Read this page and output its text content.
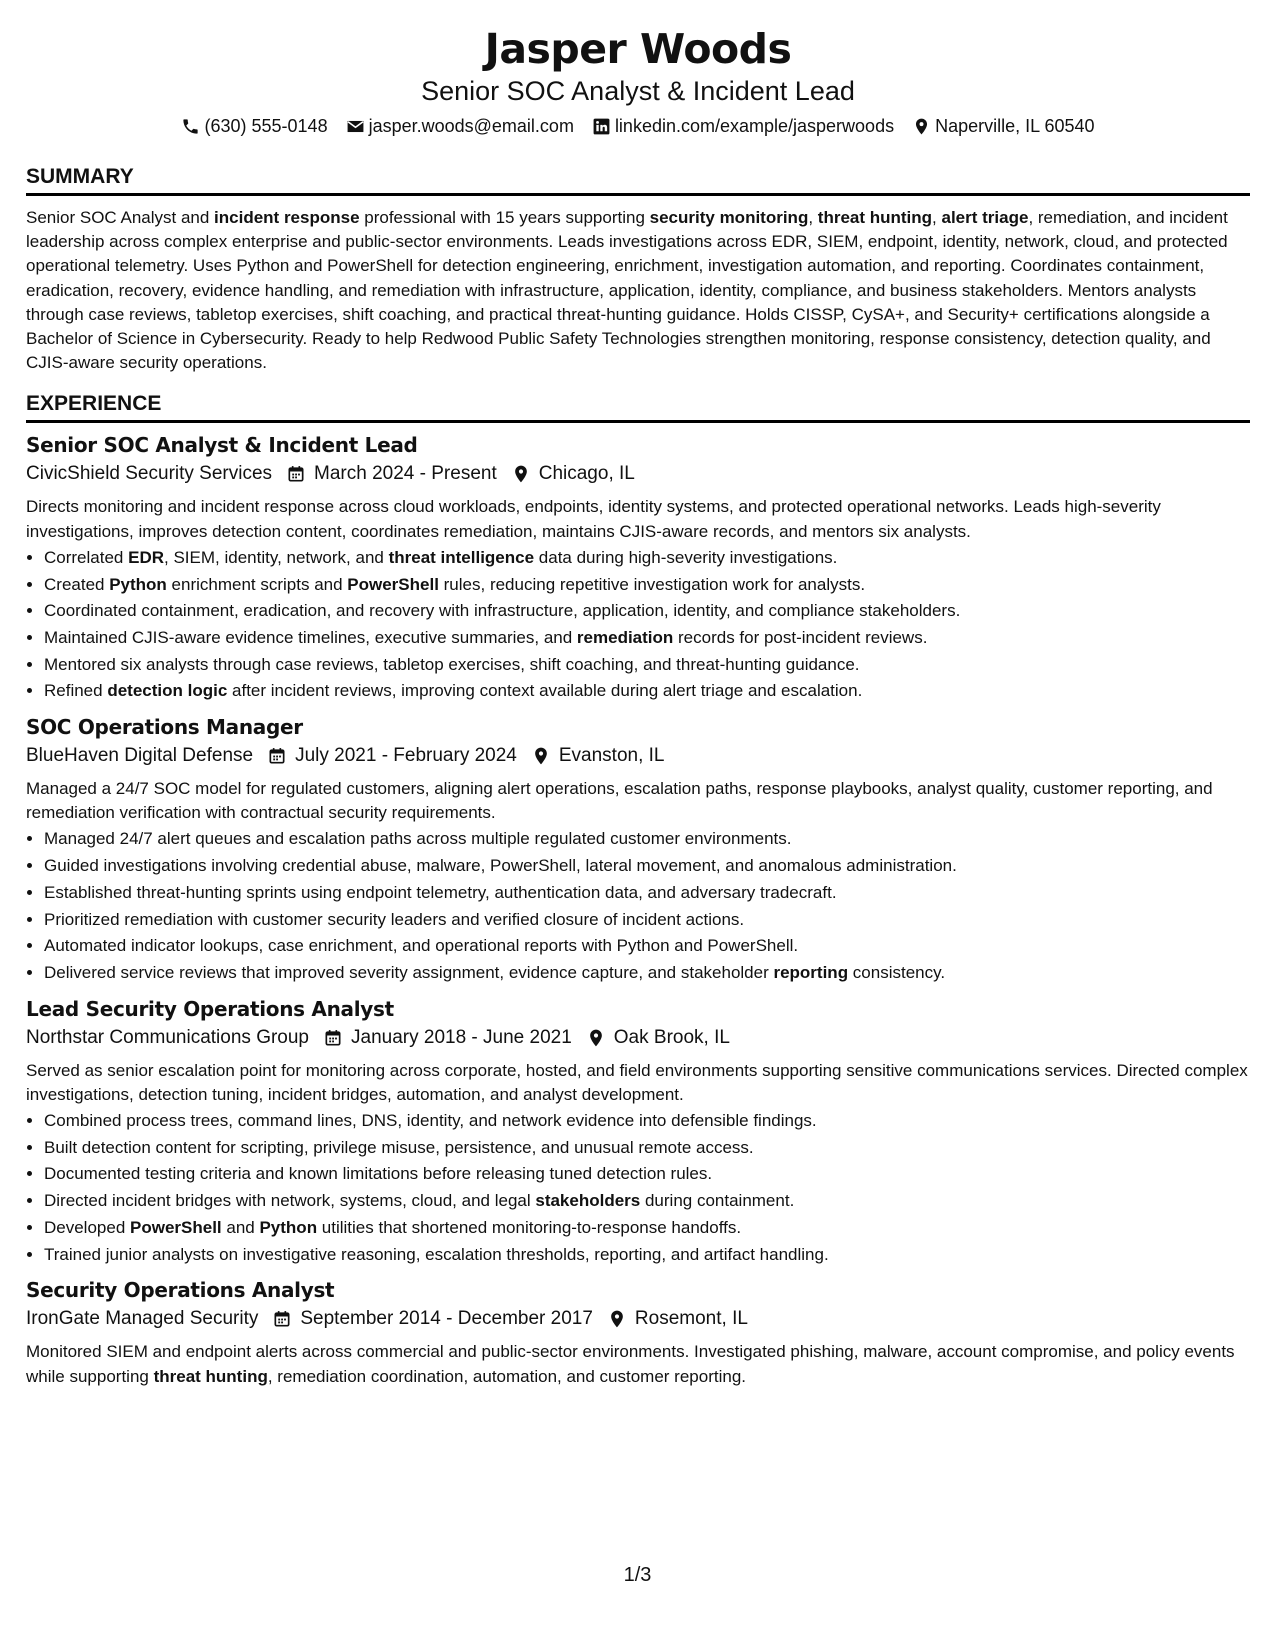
Jasper Woods
Senior SOC Analyst & Incident Lead
(630) 555-0148 jasper.woods@email.com linkedin.com/example/jasperwoods Naperville, IL 60540
SUMMARY
Senior SOC Analyst and incident response professional with 15 years supporting security monitoring, threat hunting, alert triage, remediation, and incident leadership across complex enterprise and public-sector environments. Leads investigations across EDR, SIEM, endpoint, identity, network, cloud, and protected operational telemetry. Uses Python and PowerShell for detection engineering, enrichment, investigation automation, and reporting. Coordinates containment, eradication, recovery, evidence handling, and remediation with infrastructure, application, identity, compliance, and business stakeholders. Mentors analysts through case reviews, tabletop exercises, shift coaching, and practical threat-hunting guidance. Holds CISSP, CySA+, and Security+ certifications alongside a Bachelor of Science in Cybersecurity. Ready to help Redwood Public Safety Technologies strengthen monitoring, response consistency, detection quality, and CJIS-aware security operations.
EXPERIENCE
Senior SOC Analyst & Incident Lead
CivicShield Security Services March 2024 - Present Chicago, IL
Directs monitoring and incident response across cloud workloads, endpoints, identity systems, and protected operational networks. Leads high-severity investigations, improves detection content, coordinates remediation, maintains CJIS-aware records, and mentors six analysts.
• Correlated EDR, SIEM, identity, network, and threat intelligence data during high-severity investigations.
• Created Python enrichment scripts and PowerShell rules, reducing repetitive investigation work for analysts.
• Coordinated containment, eradication, and recovery with infrastructure, application, identity, and compliance stakeholders.
• Maintained CJIS-aware evidence timelines, executive summaries, and remediation records for post-incident reviews.
• Mentored six analysts through case reviews, tabletop exercises, shift coaching, and threat-hunting guidance.
• Refined detection logic after incident reviews, improving context available during alert triage and escalation.
SOC Operations Manager
BlueHaven Digital Defense July 2021 - February 2024 Evanston, IL
Managed a 24/7 SOC model for regulated customers, aligning alert operations, escalation paths, response playbooks, analyst quality, customer reporting, and remediation verification with contractual security requirements.
• Managed 24/7 alert queues and escalation paths across multiple regulated customer environments.
• Guided investigations involving credential abuse, malware, PowerShell, lateral movement, and anomalous administration.
• Established threat-hunting sprints using endpoint telemetry, authentication data, and adversary tradecraft.
• Prioritized remediation with customer security leaders and verified closure of incident actions.
• Automated indicator lookups, case enrichment, and operational reports with Python and PowerShell.
• Delivered service reviews that improved severity assignment, evidence capture, and stakeholder reporting consistency.
Lead Security Operations Analyst
Northstar Communications Group January 2018 - June 2021 Oak Brook, IL
Served as senior escalation point for monitoring across corporate, hosted, and field environments supporting sensitive communications services. Directed complex investigations, detection tuning, incident bridges, automation, and analyst development.
• Combined process trees, command lines, DNS, identity, and network evidence into defensible findings.
• Built detection content for scripting, privilege misuse, persistence, and unusual remote access.
• Documented testing criteria and known limitations before releasing tuned detection rules.
• Directed incident bridges with network, systems, cloud, and legal stakeholders during containment.
• Developed PowerShell and Python utilities that shortened monitoring-to-response handoffs.
• Trained junior analysts on investigative reasoning, escalation thresholds, reporting, and artifact handling.
Security Operations Analyst
IronGate Managed Security September 2014 - December 2017 Rosemont, IL
Monitored SIEM and endpoint alerts across commercial and public-sector environments. Investigated phishing, malware, account compromise, and policy events while supporting threat hunting, remediation coordination, automation, and customer reporting.
1/3
